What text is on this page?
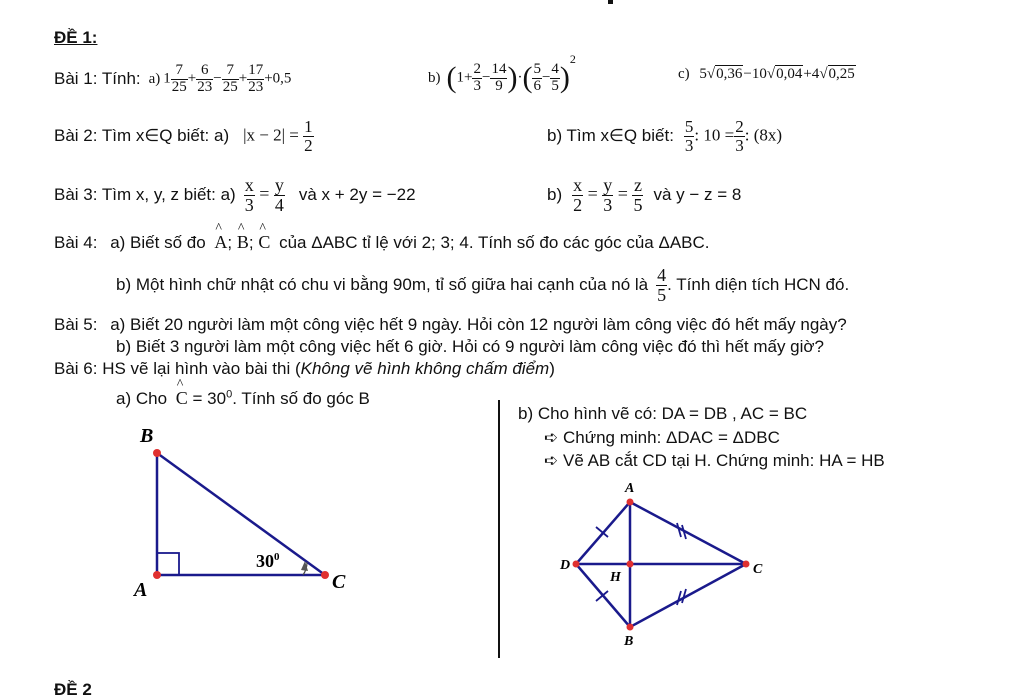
ĐỀ 1:
Bài 1: Tính: a) $1 \frac{7}{25} + \frac{6}{23} - \frac{7}{25} + \frac{17}{23} +0,5$	b) ($1+ \frac{2}{3} - \frac{14}{9}$ )·( $\frac{5}{6} - \frac{4}{5} )^2$
c) 5√0,36−10√0,04+4√0,25
Bài 2: Tìm x∈Q biết: a) $|x - 2| = \frac{1}{2}$	b) Tìm x∈Q biết: $\frac{5}{3}$ : $10 = \frac{2}{3}$ : (8x)
Bài 3: Tìm x, y, z biết: $a) \frac{x}{3} = \frac{y}{4}$ và x + 2y = −22	$b) \frac{x}{2} = \frac{y}{3} = \frac{z}{5}$ và y − z = 8
Bài 4: a) Biết số đo ^ A; ^ B; ^ C của ΔABC tỉ lệ với 2; 3; 4. Tính số đo các góc của ΔABC.
b) Một hình chữ nhật có chu vi bằng 90m, tỉ số giữa hai cạnh của nó là $\frac{4}{5}$ . Tính diện tích HCN đó.
Bài 5: a) Biết 20 người làm một công việc hết 9 ngày. Hỏi còn 12 người làm công việc đó hết mấy ngày?
b) Biết 3 người làm một công việc hết 6 giờ. Hỏi có 9 người làm công việc đó thì hết mấy giờ?
Bài 6: HS vẽ lại hình vào bài thi (Không vẽ hình không chấm điểm)
a) Cho ^ $C = 30^0$. Tính số đo góc B
b) Cho hình vẽ có: DA = DB , AC = BC
➪ Chứng minh: ΔDAC = ΔDBC
➪ Vẽ AB cắt CD tại H. Chứng minh: HA = HB
B
A	C
$30^0$
A
D	C
B
H
ĐỀ 2
